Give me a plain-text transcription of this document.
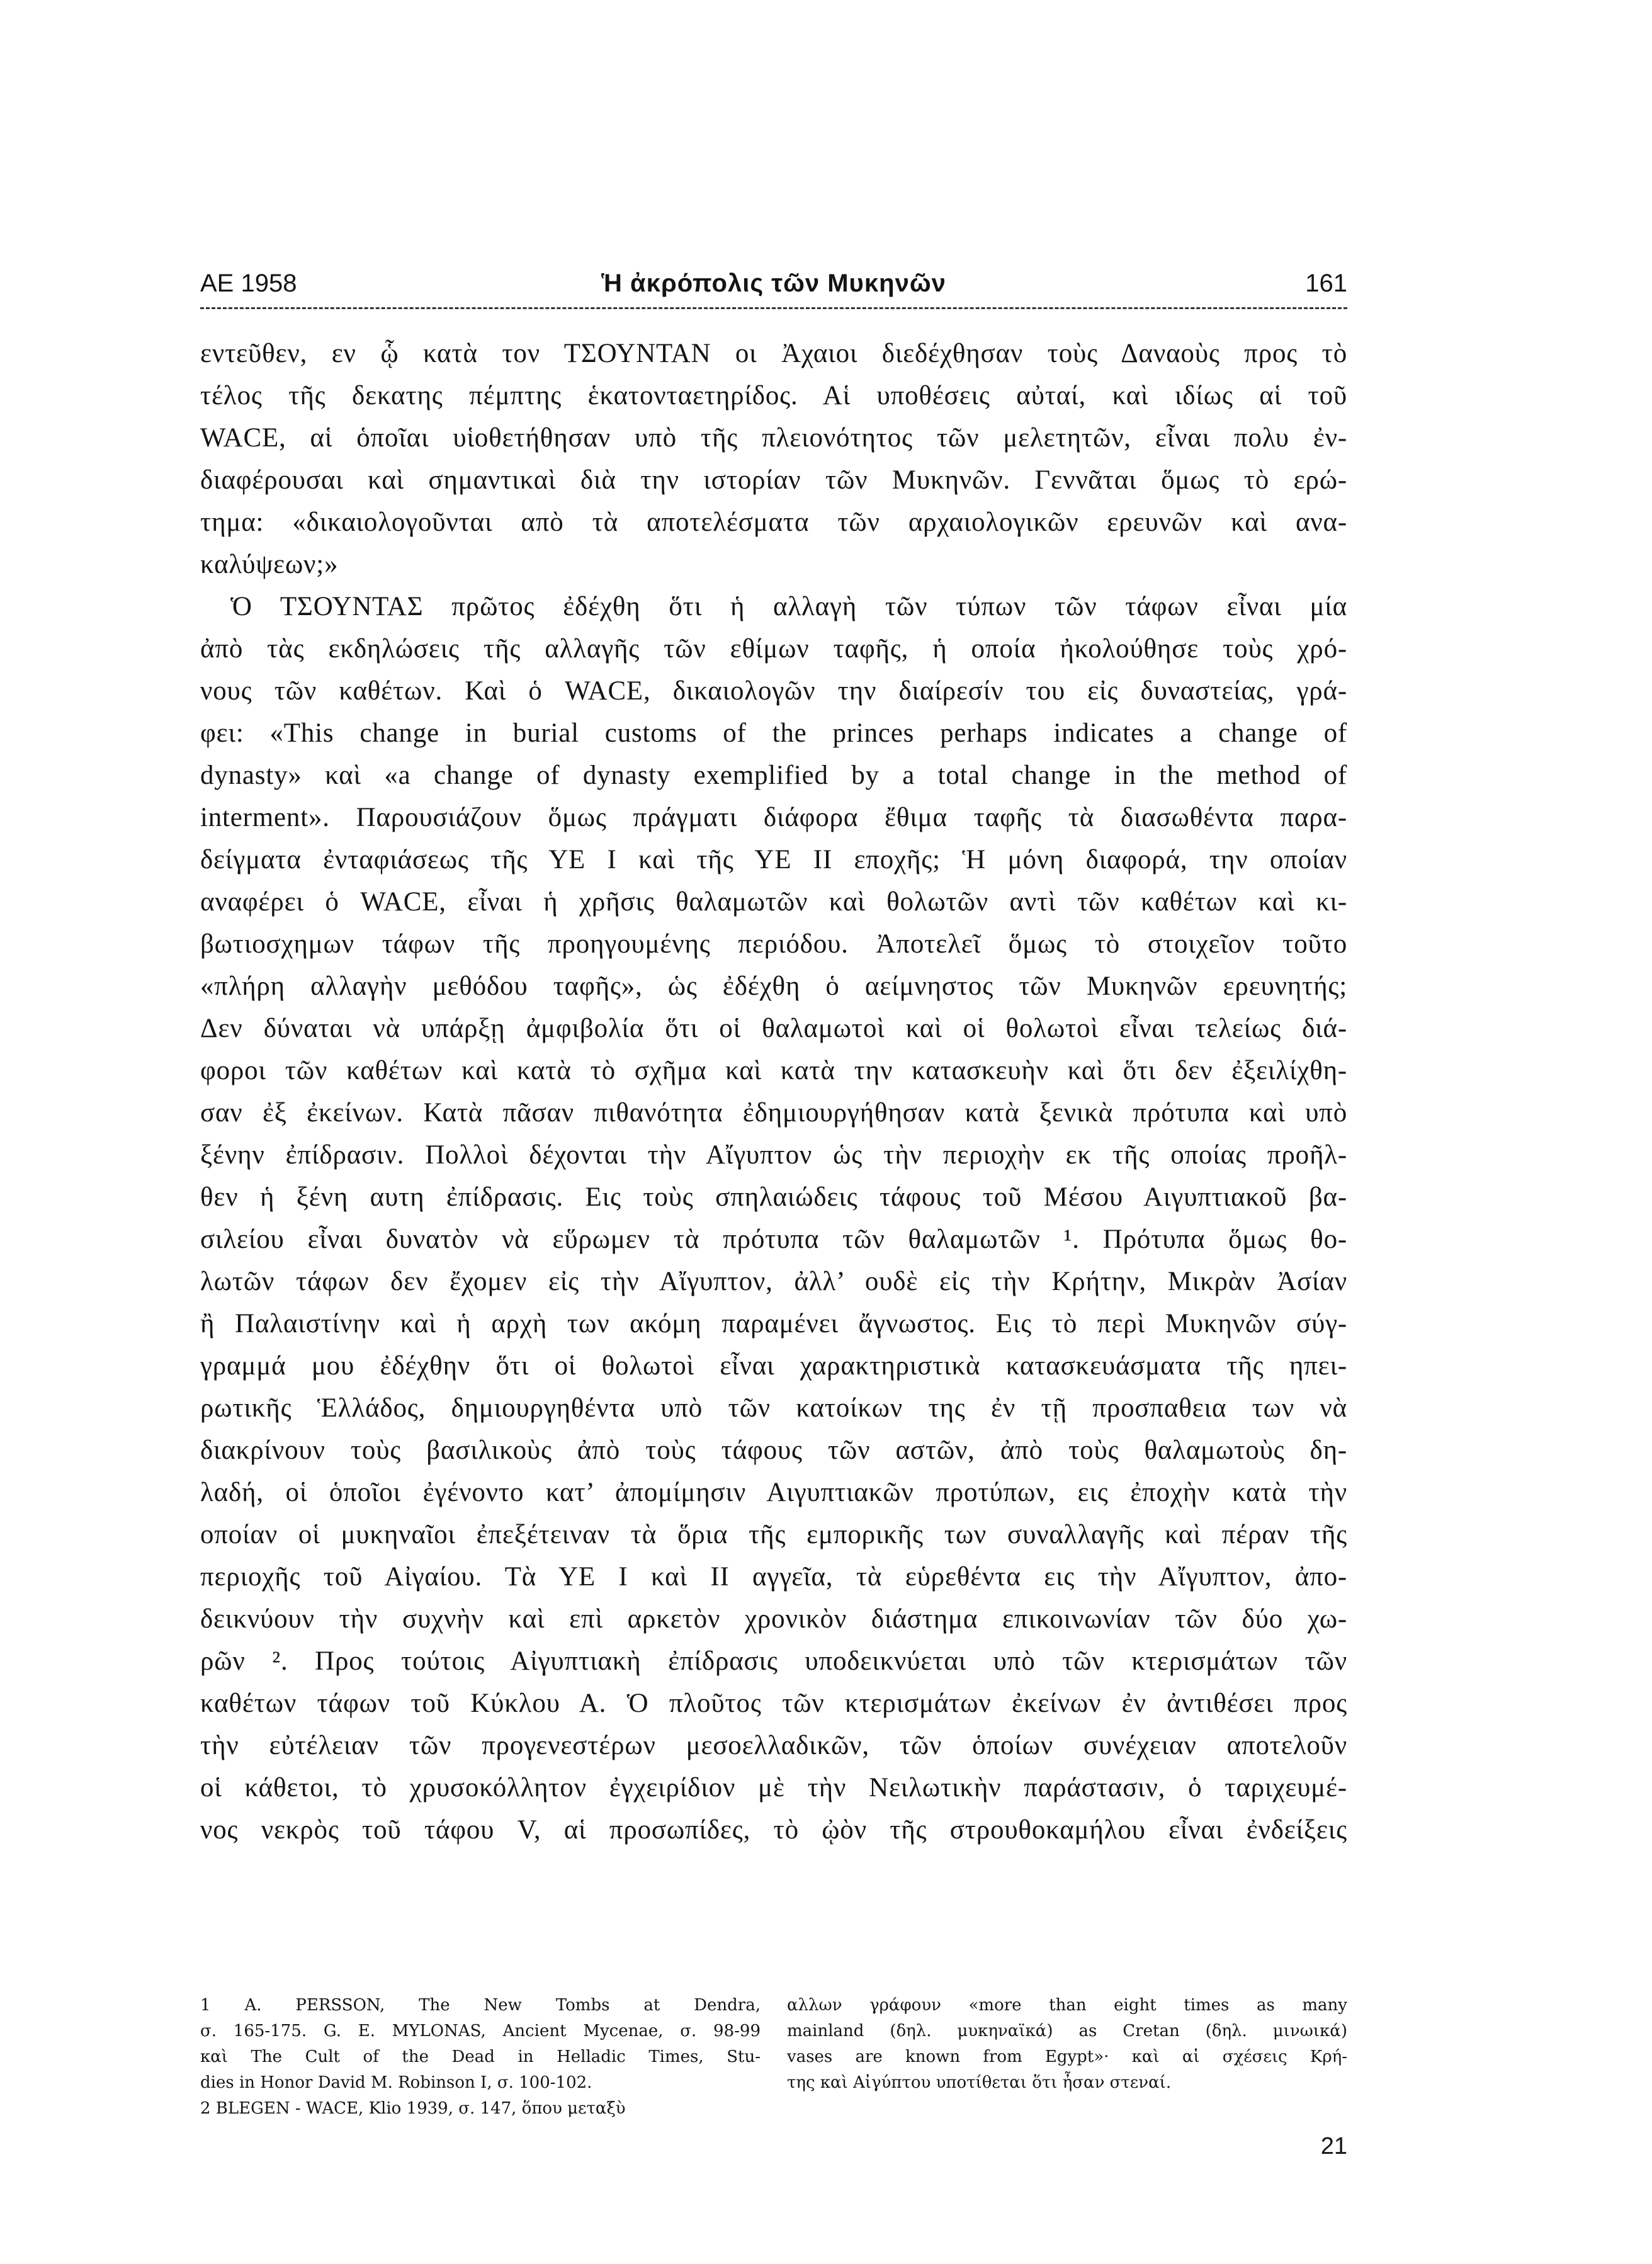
ΑΕ 1958	Ἡ ἀκρόπολις τῶν Μυκηνῶν	161
εντεῦθεν, εν ᾧ κατὰ τον ΤΣΟΥΝΤΑΝ οι Ἀχαιοι διεδέχθησαν τοὺς Δαναοὺς προς τὸ
τέλος τῆς δεκατης πέμπτης ἑκατονταετηρίδος. Αἱ υποθέσεις αὐταί, καὶ ιδίως αἱ τοῦ
WACE, αἱ ὁποῖαι υἱοθετήθησαν υπὸ τῆς πλειονότητος τῶν μελετητῶν, εἶναι πολυ ἐν-
διαφέρουσαι καὶ σημαντικαὶ διὰ την ιστορίαν τῶν Μυκηνῶν. Γεννᾶται ὅμως τὸ ερώ-
τημα: «δικαιολογοῦνται απὸ τὰ αποτελέσματα τῶν αρχαιολογικῶν ερευνῶν καὶ ανα-
καλύψεων;»
Ὁ ΤΣΟΥΝΤΑΣ πρῶτος ἐδέχθη ὅτι ἡ αλλαγὴ τῶν τύπων τῶν τάφων εἶναι μία
ἀπὸ τὰς εκδηλώσεις τῆς αλλαγῆς τῶν εθίμων ταφῆς, ἡ οποία ἠκολούθησε τοὺς χρό-
νους τῶν καθέτων. Καὶ ὁ WACE, δικαιολογῶν την διαίρεσίν του εἰς δυναστείας, γρά-
φει: «This change in burial customs of the princes perhaps indicates a change of
dynasty» καὶ «a change of dynasty exemplified by a total change in the method of
interment». Παρουσιάζουν ὅμως πράγματι διάφορα ἔθιμα ταφῆς τὰ διασωθέντα παρα-
δείγματα ἐνταφιάσεως τῆς ΥΕ Ι καὶ τῆς ΥΕ ΙΙ εποχῆς; Ἡ μόνη διαφορά, την οποίαν
αναφέρει ὁ WACE, εἶναι ἡ χρῆσις θαλαμωτῶν καὶ θολωτῶν αντὶ τῶν καθέτων καὶ κι-
βωτιοσχημων τάφων τῆς προηγουμένης περιόδου. Ἀποτελεῖ ὅμως τὸ στοιχεῖον τοῦτο
«πλήρη αλλαγὴν μεθόδου ταφῆς», ὡς ἐδέχθη ὁ αείμνηστος τῶν Μυκηνῶν ερευνητής;
Δεν δύναται νὰ υπάρξῃ ἀμφιβολία ὅτι οἱ θαλαμωτοὶ καὶ οἱ θολωτοὶ εἶναι τελείως διά-
φοροι τῶν καθέτων καὶ κατὰ τὸ σχῆμα καὶ κατὰ την κατασκευὴν καὶ ὅτι δεν ἐξειλίχθη-
σαν ἐξ ἐκείνων. Κατὰ πᾶσαν πιθανότητα ἐδημιουργήθησαν κατὰ ξενικὰ πρότυπα καὶ υπὸ
ξένην ἐπίδρασιν. Πολλοὶ δέχονται τὴν Αἴγυπτον ὡς τὴν περιοχὴν εκ τῆς οποίας προῆλ-
θεν ἡ ξένη αυτη ἐπίδρασις. Εις τοὺς σπηλαιώδεις τάφους τοῦ Μέσου Αιγυπτιακοῦ βα-
σιλείου εἶναι δυνατὸν νὰ εὕρωμεν τὰ πρότυπα τῶν θαλαμωτῶν ¹. Πρότυπα ὅμως θο-
λωτῶν τάφων δεν ἔχομεν εἰς τὴν Αἴγυπτον, ἀλλ’ ουδὲ εἰς τὴν Κρήτην, Μικρὰν Ἀσίαν
ἢ Παλαιστίνην καὶ ἡ αρχὴ των ακόμη παραμένει ἄγνωστος. Εις τὸ περὶ Μυκηνῶν σύγ-
γραμμά μου ἐδέχθην ὅτι οἱ θολωτοὶ εἶναι χαρακτηριστικὰ κατασκευάσματα τῆς ηπει-
ρωτικῆς Ἑλλάδος, δημιουργηθέντα υπὸ τῶν κατοίκων της ἐν τῇ προσπαθεια των νὰ
διακρίνουν τοὺς βασιλικοὺς ἀπὸ τοὺς τάφους τῶν αστῶν, ἀπὸ τοὺς θαλαμωτοὺς δη-
λαδή, οἱ ὁποῖοι ἐγένοντο κατ’ ἀπομίμησιν Αιγυπτιακῶν προτύπων, εις ἐποχὴν κατὰ τὴν
οποίαν οἱ μυκηναῖοι ἐπεξέτειναν τὰ ὅρια τῆς εμπορικῆς των συναλλαγῆς καὶ πέραν τῆς
περιοχῆς τοῦ Αἰγαίου. Τὰ ΥΕ Ι καὶ ΙΙ αγγεῖα, τὰ εὑρεθέντα εις τὴν Αἴγυπτον, ἀπο-
δεικνύουν τὴν συχνὴν καὶ επὶ αρκετὸν χρονικὸν διάστημα επικοινωνίαν τῶν δύο χω-
ρῶν ². Προς τούτοις Αἰγυπτιακὴ ἐπίδρασις υποδεικνύεται υπὸ τῶν κτερισμάτων τῶν
καθέτων τάφων τοῦ Κύκλου Α. Ὁ πλοῦτος τῶν κτερισμάτων ἐκείνων ἐν ἀντιθέσει προς
τὴν εὐτέλειαν τῶν προγενεστέρων μεσοελλαδικῶν, τῶν ὁποίων συνέχειαν αποτελοῦν
οἱ κάθετοι, τὸ χρυσοκόλλητον ἐγχειρίδιον μὲ τὴν Νειλωτικὴν παράστασιν, ὁ ταριχευμέ-
νος νεκρὸς τοῦ τάφου V, αἱ προσωπίδες, τὸ ᾠὸν τῆς στρουθοκαμήλου εἶναι ἐνδείξεις
1 A. PERSSON, The New Tombs at Dendra,
σ. 165-175. G. E. MYLONAS, Ancient Mycenae, σ. 98-99
καὶ The Cult of the Dead in Helladic Times, Stu-
dies in Honor David M. Robinson I, σ. 100-102.
2 BLEGEN - WACE, Klio 1939, σ. 147, ὅπου μεταξὺ
αλλων γράφουν «more than eight times as many
mainland (δηλ. μυκηναϊκά) as Cretan (δηλ. μινωικά)
vases are known from Egypt»· καὶ αἱ σχέσεις Κρή-
της καὶ Αἰγύπτου υποτίθεται ὅτι ἦσαν στεναί.
21
